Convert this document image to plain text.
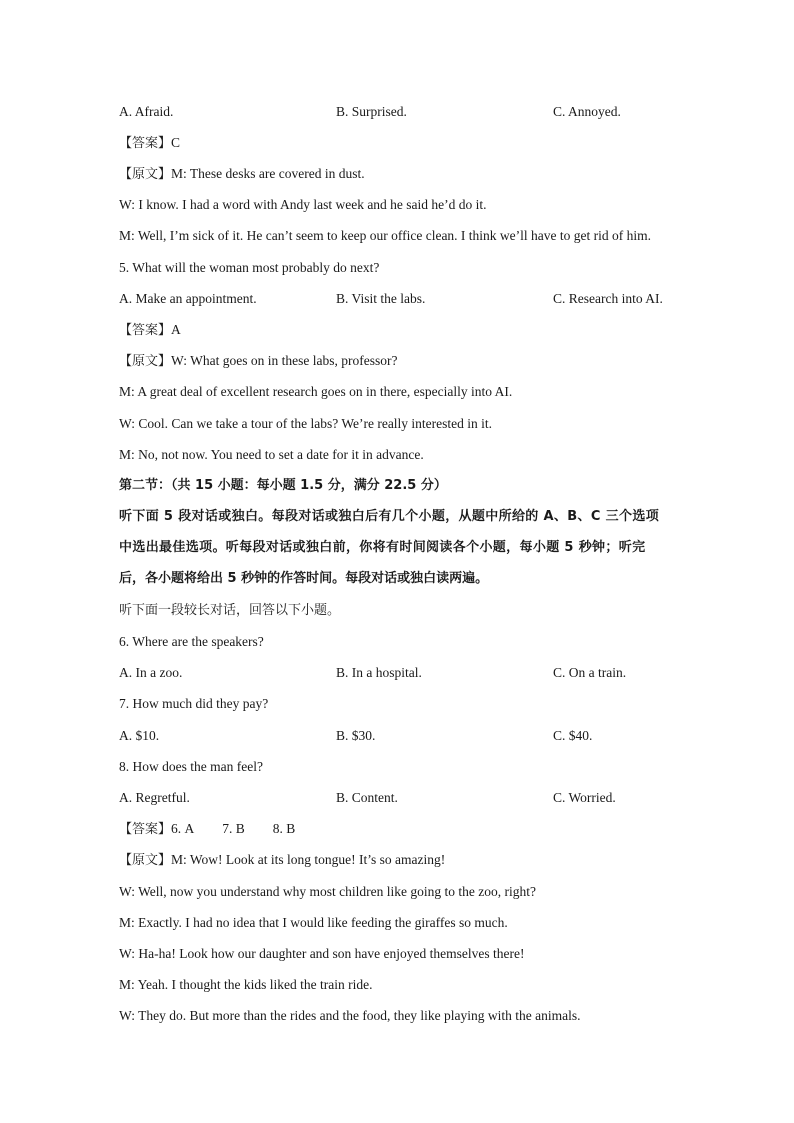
A. Afraid.	B. Surprised.	C. Annoyed.
【答案】C
【原文】M: These desks are covered in dust.
W: I know. I had a word with Andy last week and he said he’d do it.
M: Well, I’m sick of it. He can’t seem to keep our office clean. I think we’ll have to get rid of him.
5. What will the woman most probably do next?
A. Make an appointment.	B. Visit the labs.	C. Research into AI.
【答案】A
【原文】W: What goes on in these labs, professor?
M: A great deal of excellent research goes on in there, especially into AI.
W: Cool. Can we take a tour of the labs? We’re really interested in it.
M: No, not now. You need to set a date for it in advance.
第二节：（共 15 小题：每小题 1.5 分，满分 22.5 分）
听下面 5 段对话或独白。每段对话或独白后有几个小题，从题中所给的 A、B、C 三个选项
中选出最佳选项。听每段对话或独白前，你将有时间阅读各个小题，每小题 5 秒钟；听完
后，各小题将给出 5 秒钟的作答时间。每段对话或独白读两遍。
听下面一段较长对话，回答以下小题。
6. Where are the speakers?
A. In a zoo.	B. In a hospital.	C. On a train.
7. How much did they pay?
A. $10.	B. $30.	C. $40.
8. How does the man feel?
A. Regretful.	B. Content.	C. Worried.
【答案】6. A 7. B 8. B
【原文】M: Wow! Look at its long tongue! It’s so amazing!
W: Well, now you understand why most children like going to the zoo, right?
M: Exactly. I had no idea that I would like feeding the giraffes so much.
W: Ha-ha! Look how our daughter and son have enjoyed themselves there!
M: Yeah. I thought the kids liked the train ride.
W: They do. But more than the rides and the food, they like playing with the animals.
